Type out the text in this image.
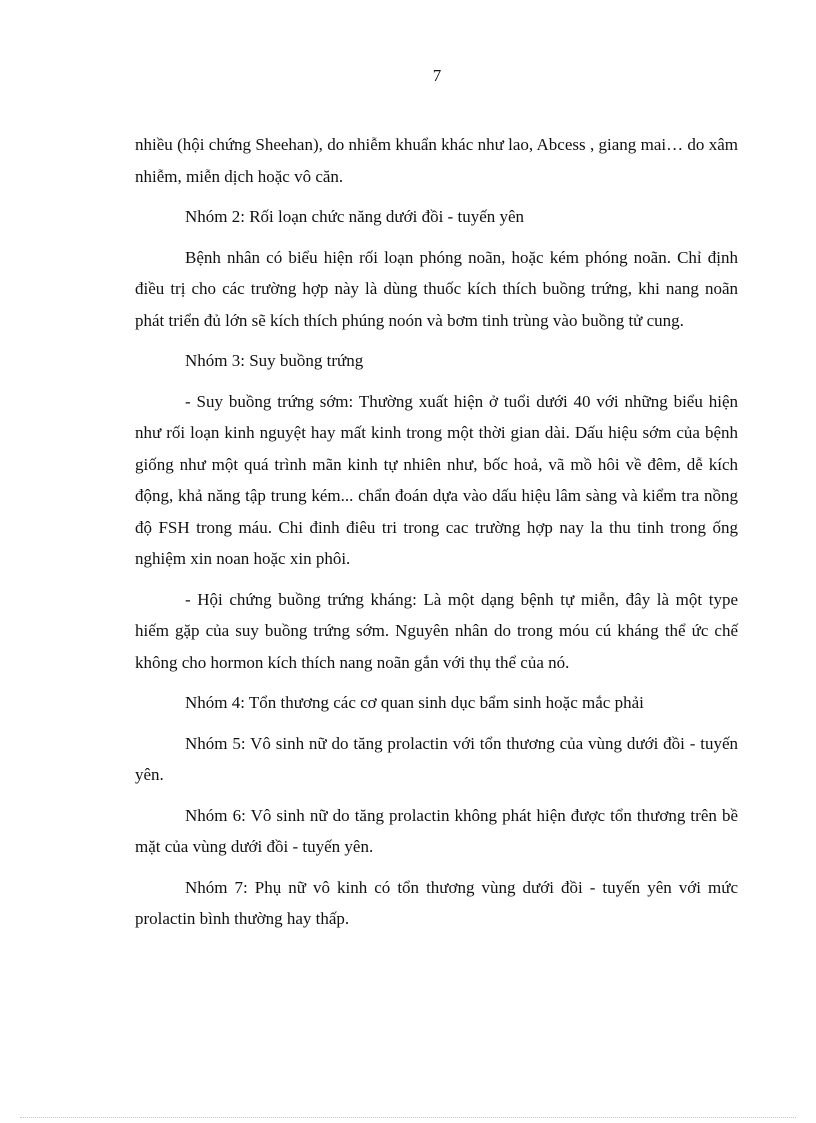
7

nhiều (hội chứng Sheehan), do nhiễm khuẩn khác như lao, Abcess , giang mai… do xâm nhiễm, miễn dịch hoặc vô căn.

Nhóm 2: Rối loạn chức năng dưới đồi - tuyến yên

Bệnh nhân có biểu hiện rối loạn phóng noãn, hoặc kém phóng noãn. Chỉ định điều trị cho các trường hợp này là dùng thuốc kích thích buồng trứng, khi nang noãn phát triển đủ lớn sẽ kích thích phúng noón và bơm tinh trùng vào buồng tử cung.

Nhóm 3: Suy buồng trứng

- Suy buồng trứng sớm: Thường xuất hiện ở tuổi dưới 40 với những biểu hiện như rối loạn kinh nguyệt hay mất kinh trong một thời gian dài. Dấu hiệu sớm của bệnh giống như một quá trình mãn kinh tự nhiên như, bốc hoả, vã mồ hôi về đêm, dễ kích động, khả năng tập trung kém... chẩn đoán dựa vào dấu hiệu lâm sàng và kiểm tra nồng độ FSH trong máu. Chi đinh điêu tri trong cac trường hợp nay la thu tinh trong ống nghiệm xin noan hoặc xin phôi.

- Hội chứng buồng trứng kháng: Là một dạng bệnh tự miễn, đây là một type hiếm gặp của suy buồng trứng sớm. Nguyên nhân do trong móu cú kháng thể ức chế không cho hormon kích thích nang noãn gắn với thụ thể của nó.

Nhóm 4: Tổn thương các cơ quan sinh dục bẩm sinh hoặc mắc phải

Nhóm 5: Vô sinh nữ do tăng prolactin với tổn thương của vùng dưới đồi - tuyến yên.

Nhóm 6: Vô sinh nữ do tăng prolactin không phát hiện được tổn thương trên bề mặt của vùng dưới đồi - tuyến yên.

Nhóm 7: Phụ nữ vô kinh có tổn thương vùng dưới đồi - tuyến yên với mức prolactin bình thường hay thấp.
